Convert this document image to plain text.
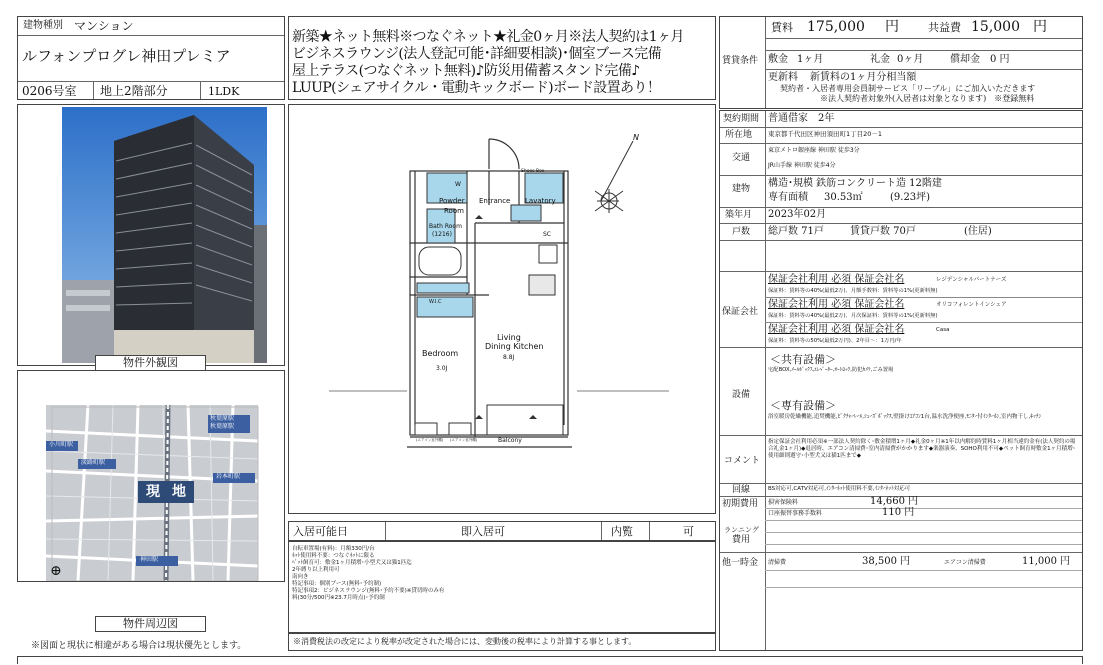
建物種別 マンション
ルフォンプログレ神田プレミア
0206号室 地上2階部分	1LDK
物件外観図
秋葉原駅
秋葉原駅
小川町駅
淡路町駅
岩本町駅
現 地
神田駅
⊕
物件周辺図
※図面と現状に相違がある場合は現状優先とします。
新築★ネット無料※つなぐネット★礼金0ヶ月※法人契約は1ヶ月
ビジネスラウンジ(法人登記可能･詳細要相談)･個室ブース完備
屋上テラス(つなぐネット無料)♪防災用備蓄スタンド完備♪
LUUP(シェアサイクル・電動キックボード)ボード設置あり！
Shoes Box
W
Powder
Room
Entrance Lavatory
Bath Room
(1216)
W.I.C
Bedroom
3.0J
Living
Dining Kitchen
8.8J
Balcony
(エアコン室外機) (エアコン室外機)
SC
N
入居可能日	即入居可	内覧	可
自転車置場(有料)：月額330円/台
ﾈｯﾄ使用料不要：つなぐﾈｯﾄに限る
ﾍﾟｯﾄ飼育可：敷金1ヶ月積増･小型犬又は猫1匹迄
2年縛り以上利用可
南向き
特記事項：個別ブース(無料･予約制)
特記事項2：ビジネスラウンジ(無料･予約不要)※貸切時のみ有
料(30分/500円※23.7月時点)･予約制
※消費税法の改定により税率が改定された場合には、変動後の税率により計算する事とします。
賃貸条件
賃料 175,000 円	共益費 15,000 円
敷金 1ヶ月	礼金 0ヶ月	償却金 0 円
更新料 新賃料の1ヶ月分相当額
契約者・入居者専用会員制サービス「リーブル」にご加入いただきます
※法人契約者対象外(入居者は対象となります)　※登録無料
契約期間 普通借家　2年
所在地 東京都千代田区神田須田町1丁目20－1
交通
東京メトロ銀座線 神田駅 徒歩3分
JR山手線 神田駅 徒歩4分
建物 構造･規模 鉄筋コンクリート造 12階建
専有面積 30.53㎡	(9.23坪)
築年月 2023年02月
戸数 総戸数 71戸	賃貸戸数 70戸	(住居)
保証会社
保証会社利用 必須 保証会社名	レジデンシャルパートナーズ
保証料：賃料等の40%(最低2万)、月額手数料：賃料等の1%(更新料無)
保証会社利用 必須 保証会社名	オリコフォレントインシュア
保証料：賃料等の40%(最低2万)、月次保証料：賃料等の1%(更新料無)
保証会社利用 必須 保証会社名	Casa
保証料：賃料等の50%(最低2万円)、2年目～：1万円/年
設備
＜共有設備＞
宅配BOX,ﾒｰﾙﾎﾞｯｸｽ,ｴﾚﾍﾞｰﾀｰ,ｵｰﾄﾛｯｸ,防犯ｶﾒﾗ,ごみ置場
＜専有設備＞
浴室暖房乾燥機能,追焚機能,ﾋﾟｸﾁｬｰﾚｰﾙ,ｼｭｰｽﾞﾎﾞｯｸｽ,壁掛けｴｱｺﾝ1台,温水洗浄便座,ﾓﾆﾀｰ付ｲﾝﾀｰﾎﾝ,室内物干し,ｷｯﾁﾝ
コメント
指定保証会社利用必須※一部法人契約除く･敷金積増1ヶ月◆礼金0ヶ月※1年以内解約時賃料1ヶ月相当違約金有(法人契約の場合礼金1ヶ月)◆退居時、エアコン清掃費･室内清掃費がかかります◆楽器演奏、SOHO利用不可◆ペット飼育時敷金1ヶ月積増･使用細則遵守･小型犬又は猫1匹まで◆
回線	BS対応可,CATV対応可,ｲﾝﾀｰﾈｯﾄ使用料不要,ｲﾝﾀｰﾈｯﾄ対応可
初期費用 損害保険料	14,660 円
口座振替事務手数料	110 円
ランニング
費用
他一時金 清掃費	38,500 円	エアコン清掃費	11,000 円
